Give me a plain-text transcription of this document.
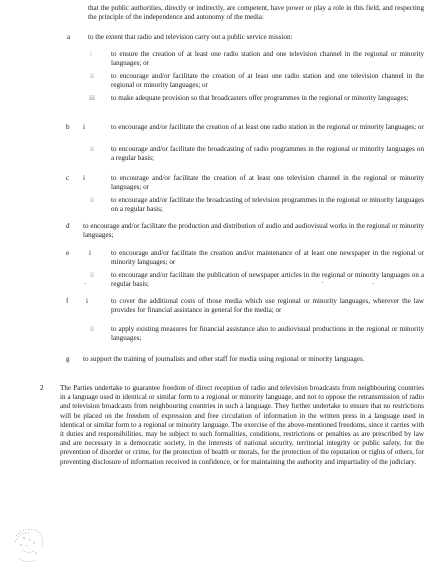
that the public authorities, directly or indirectly, are competent, have power or play a role in this field, and respecting the principle of the independence and autonomy of the media:

a	to the extent that radio and television carry out a public service mission:

i	to ensure the creation of at least one radio station and one television channel in the regional or minority languages; or

ii to encourage and/or facilitate the creation of at least one radio station and one television channel in the regional or minority languages; or

iii to make adequate provision so that broadcasters offer programmes in the regional or minority languages;

b i	to encourage and/or facilitate the creation of at least one radio station in the regional or minority languages; or

ii to encourage and/or facilitate the broadcasting of radio programmes in the regional or minority languages on a regular basis;

c i	to encourage and/or facilitate the creation of at least one television channel in the regional or minority languages; or

ii to encourage and/or facilitate the broadcasting of television programmes in the regional or minority languages on a regular basis;

d to encourage and/or facilitate the production and distribution of audio and audiovisual works in the regional or minority languages;

e	i	to encourage and/or facilitate the creation and/or maintenance of at least one newspaper in the regional or minority languages; or

ii to encourage and/or facilitate the publication of newspaper articles in the regional or minority languages on a regular basis;

f i	to cover the additional costs of those media which use regional or minority languages, wherever the law provides for financial assistance in general for the media; or

ii to apply existing measures for financial assistance also to audiovisual productions in the regional or minority languages;

g to support the training of journalists and other staff for media using regional or minority languages.

2 The Parties undertake to guarantee freedom of direct reception of radio and television broadcasts from neighbouring countries in a language used in identical or similar form to a regional or minority language, and not to oppose the retransmission of radio and television broadcasts from neighbouring countries in such a language. They further undertake to ensure that no restrictions will be placed on the freedom of expression and free circulation of information in the written press in a language used in identical or similar form to a regional or minority language. The exercise of the above-mentioned freedoms, since it carries with it duties and responsibilities, may be subject to such formalities, conditions, restrictions or penalties as are prescribed by law and are necessary in a democratic society, in the interests of national security, territorial integrity or public safety, for the prevention of disorder or crime, for the protection of health or morals, for the protection of the reputation or rights of others, for preventing disclosure of information received in confidence, or for maintaining the authority and impartiality of the judiciary.
